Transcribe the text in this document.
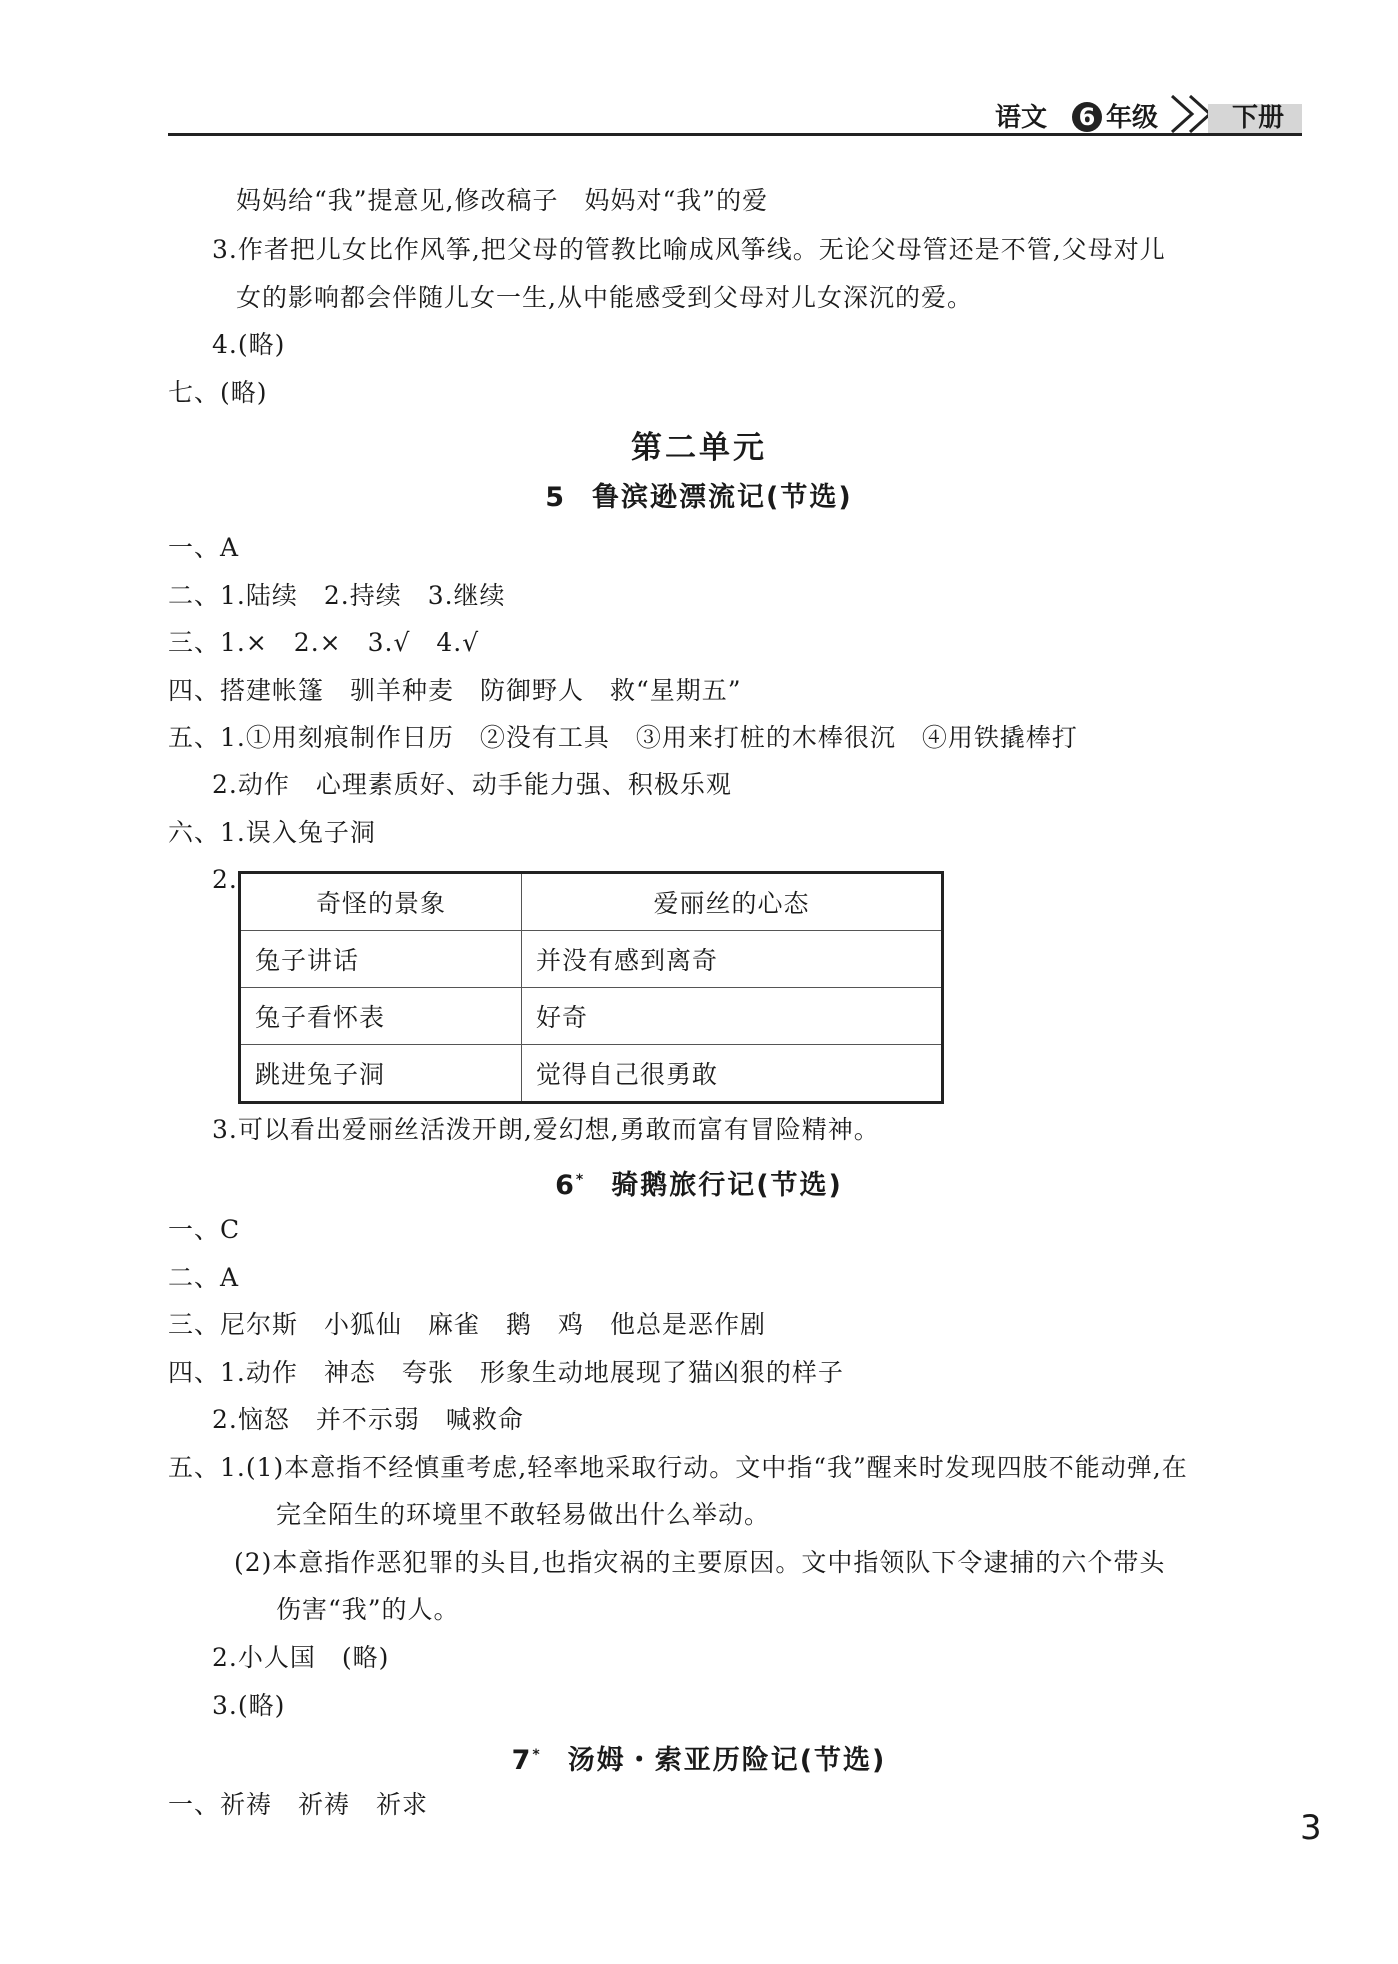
语文 6 年级	下册
妈妈给“我”提意见,修改稿子　妈妈对“我”的爱
3.作者把儿女比作风筝,把父母的管教比喻成风筝线。无论父母管还是不管,父母对儿
女的影响都会伴随儿女一生,从中能感受到父母对儿女深沉的爱。
4.(略)
七、(略)
第二单元
5 鲁滨逊漂流记(节选)
一、A
二、1.陆续　2.持续　3.继续
三、1.×　2.×　3.√　4.√
四、搭建帐篷　驯羊种麦　防御野人　救“星期五”
五、1.①用刻痕制作日历　②没有工具　③用来打桩的木棒很沉　④用铁撬棒打
2.动作　心理素质好、动手能力强、积极乐观
六、1.误入兔子洞
2.
奇怪的景象	爱丽丝的心态
兔子讲话	并没有感到离奇
兔子看怀表	好奇
跳进兔子洞	觉得自己很勇敢
3.可以看出爱丽丝活泼开朗,爱幻想,勇敢而富有冒险精神。
6* 骑鹅旅行记(节选)
一、C
二、A
三、尼尔斯　小狐仙　麻雀　鹅　鸡　他总是恶作剧
四、1.动作　神态　夸张　形象生动地展现了猫凶狠的样子
2.恼怒　并不示弱　喊救命
五、1.(1)本意指不经慎重考虑,轻率地采取行动。文中指“我”醒来时发现四肢不能动弹,在
完全陌生的环境里不敢轻易做出什么举动。
(2)本意指作恶犯罪的头目,也指灾祸的主要原因。文中指领队下令逮捕的六个带头
伤害“我”的人。
2.小人国　(略)
3.(略)
7* 汤姆・索亚历险记(节选)
一、祈祷　祈祷　祈求
3
